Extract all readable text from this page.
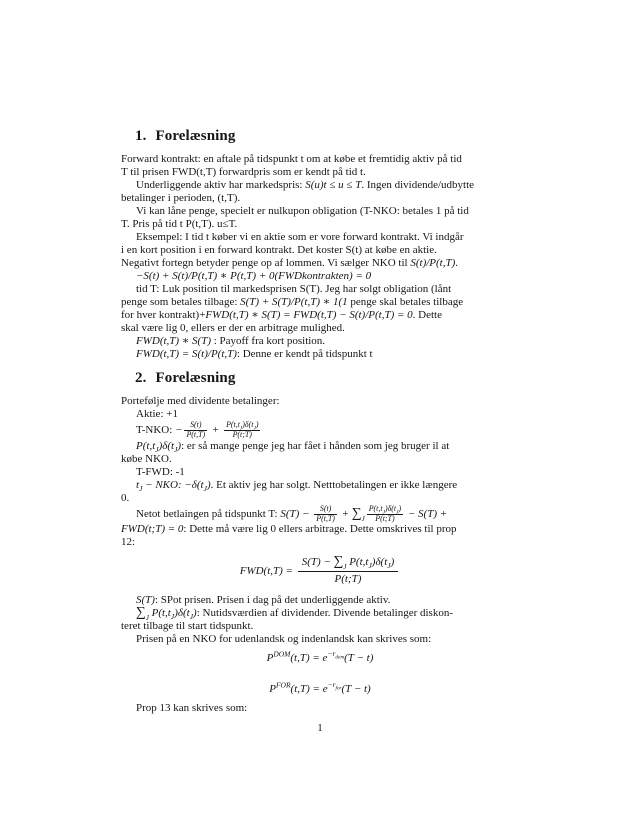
1. Forelæsning
Forward kontrakt: en aftale på tidspunkt t om at købe et fremtidig aktiv på tid
T til prisen FWD(t,T) forwardpris som er kendt på tid t.
Underliggende aktiv har markedspris: S(u)t ≤ u ≤ T. Ingen dividende/udbytte
betalinger i perioden, (t,T).
Vi kan låne penge, specielt er nulkupon obligation (T-NKO: betales 1 på tid
T. Pris på tid t P(t,T). u≤T.
Eksempel: I tid t køber vi en aktie som er vore forward kontrakt. Vi indgår
i en kort position i en forward kontrakt. Det koster S(t) at købe en aktie.
Negativt fortegn betyder penge op af lommen. Vi sælger NKO til S(t)/P(t,T).
−S(t) + S(t)/P(t,T) ∗ P(t,T) + 0(FWDkontrakten) = 0
tid T: Luk position til markedsprisen S(T). Jeg har solgt obligation (lånt
penge som betales tilbage: S(T) + S(T)/P(t,T) ∗ 1(1 penge skal betales tilbage
for hver kontrakt)+FWD(t,T) ∗ S(T) = FWD(t,T) − S(t)/P(t,T) = 0. Dette
skal være lig 0, ellers er der en arbitrage mulighed.
FWD(t,T) ∗ S(T) : Payoff fra kort position.
FWD(t,T) = S(t)/P(t,T): Denne er kendt på tidspunkt t
2. Forelæsning
Portefølje med dividente betalinger:
Aktie: +1
T-NKO: − $\frac{S(t)}{P(t,T)} + \frac{P(t,t_J)\delta(t_J)}{P(t;T)}$
$P(t,t_J)\delta(t_J)$: er så mange penge jeg har fået i hånden som jeg bruger il at
købe NKO.
T-FWD: -1
$t_J$ − NKO: $-\delta(t_J)$. Et aktiv jeg har solgt. Netttobetalingen er ikke længere
0.
Netot betlaingen på tidspunkt T: $S(T) - \frac{S(t)}{P(t,T)} + \sum_J \frac{P(t,t_J)\delta(t_J)}{P(t;T)} - S(T)$ +
FWD(t;T) = 0: Dette må være lig 0 ellers arbitrage. Dette omskrives til prop
12:
$FWD(t,T) = \frac{S(T) - \sum_J P(t,t_J)\delta(t_J)}{P(t;T)}$
S(T): SPot prisen. Prisen i dag på det underliggende aktiv.
$\sum_J$ $P(t,t_J)\delta(t_J)$: Nutidsværdien af dividender. Divende betalinger diskon-
teret tilbage til start tidspunkt.
Prisen på en NKO for udenlandsk og indenlandsk kan skrives som:
$P^{DOM}(t,T) = e^{-r_{dom}}(T - t)$
$P^{FOR}(t,T) = e^{-r_{for}}(T - t)$
Prop 13 kan skrives som:
1
